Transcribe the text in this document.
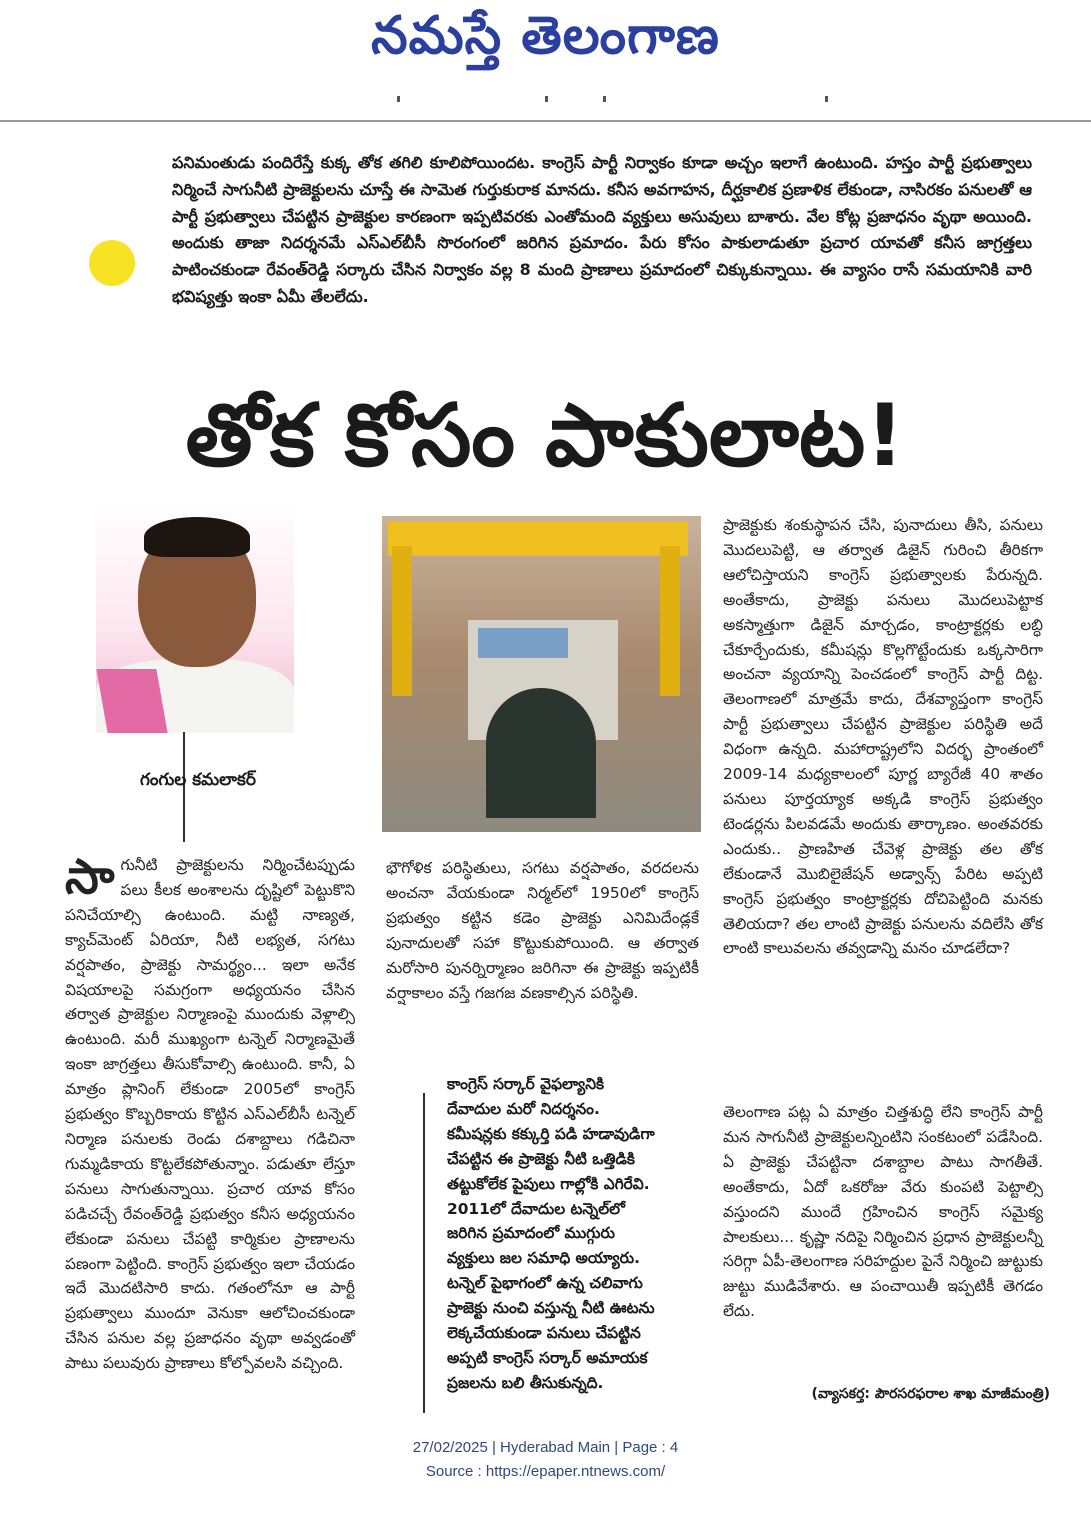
నమస్తే తెలంగాణ
పనిమంతుడు పందిరేస్తే కుక్క తోక తగిలి కూలిపోయిందట. కాంగ్రెస్ పార్టీ నిర్వాకం కూడా అచ్చం ఇలాగే ఉంటుంది. హస్తం పార్టీ ప్రభుత్వాలు నిర్మించే సాగునీటి ప్రాజెక్టులను చూస్తే ఈ సామెత గుర్తుకురాక మానదు. కనీస అవగాహన, దీర్ఘకాలిక ప్రణాళిక లేకుండా, నాసిరకం పనులతో ఆ పార్టీ ప్రభుత్వాలు చేపట్టిన ప్రాజెక్టుల కారణంగా ఇప్పటివరకు ఎంతోమంది వ్యక్తులు అసువులు బాశారు. వేల కోట్ల ప్రజాధనం వృథా అయింది. అందుకు తాజా నిదర్శనమే ఎస్ఎల్‌బీసీ సొరంగంలో జరిగిన ప్రమాదం. పేరు కోసం పాకులాడుతూ ప్రచార యావతో కనీస జాగ్రత్తలు పాటించకుండా రేవంత్‌రెడ్డి సర్కారు చేసిన నిర్వాకం వల్ల 8 మంది ప్రాణాలు ప్రమాదంలో చిక్కుకున్నాయి. ఈ వ్యాసం రాసే సమయానికి వారి భవిష్యత్తు ఇంకా ఏమీ తేలలేదు.
తోక కోసం పాకులాట!
గంగుల కమలాకర్
సా గునీటి ప్రాజెక్టులను నిర్మించేటప్పుడు పలు కీలక అంశాలను దృష్టిలో పెట్టుకొని పనిచేయాల్సి ఉంటుంది. మట్టి నాణ్యత, క్యాచ్‌మెంట్ ఏరియా, నీటి లభ్యత, సగటు వర్షపాతం, ప్రాజెక్టు సామర్థ్యం... ఇలా అనేక విషయాలపై సమగ్రంగా అధ్యయనం చేసిన తర్వాత ప్రాజెక్టుల నిర్మాణంపై ముందుకు వెళ్లాల్సి ఉంటుంది. మరీ ముఖ్యంగా టన్నెల్ నిర్మాణమైతే ఇంకా జాగ్రత్తలు తీసుకోవాల్సి ఉంటుంది. కానీ, ఏ మాత్రం ప్లానింగ్ లేకుండా 2005లో కాంగ్రెస్ ప్రభుత్వం కొబ్బరికాయ కొట్టిన ఎస్ఎల్‌బీసీ టన్నెల్ నిర్మాణ పనులకు రెండు దశాబ్దాలు గడిచినా గుమ్మడికాయ కొట్టలేకపోతున్నాం. పడుతూ లేస్తూ పనులు సాగుతున్నాయి. ప్రచార యావ కోసం పడిచచ్చే రేవంత్‌రెడ్డి ప్రభుత్వం కనీస అధ్యయనం లేకుండా పనులు చేపట్టి కార్మికుల ప్రాణాలను పణంగా పెట్టింది. కాంగ్రెస్ ప్రభుత్వం ఇలా చేయడం ఇదే మొదటిసారి కాదు. గతంలోనూ ఆ పార్టీ ప్రభుత్వాలు ముందూ వెనుకా ఆలోచించకుండా చేసిన పనుల వల్ల ప్రజాధనం వృథా అవ్వడంతో పాటు పలువురు ప్రాణాలు కోల్పోవలసి వచ్చింది.
భౌగోళిక పరిస్థితులు, సగటు వర్షపాతం, వరదలను అంచనా వేయకుండా నిర్మల్‌లో 1950లో కాంగ్రెస్ ప్రభుత్వం కట్టిన కడెం ప్రాజెక్టు ఎనిమిదేండ్లకే పునాదులతో సహా కొట్టుకుపోయింది. ఆ తర్వాత మరోసారి పునర్నిర్మాణం జరిగినా ఈ ప్రాజెక్టు ఇప్పటికీ వర్షాకాలం వస్తే గజగజ వణకాల్సిన పరిస్థితి.
కాంగ్రెస్ సర్కార్ వైఫల్యానికి దేవాదుల మరో నిదర్శనం. కమీషన్లకు కక్కుర్తి పడి హడావుడిగా చేపట్టిన ఈ ప్రాజెక్టు నీటి ఒత్తిడికి తట్టుకోలేక పైపులు గాల్లోకి ఎగిరేవి. 2011లో దేవాదుల టన్నెల్‌లో జరిగిన ప్రమాదంలో ముగ్గురు వ్యక్తులు జల సమాధి అయ్యారు. టన్నెల్ పైభాగంలో ఉన్న చలివాగు ప్రాజెక్టు నుంచి వస్తున్న నీటి ఊటను లెక్కచేయకుండా పనులు చేపట్టిన అప్పటి కాంగ్రెస్ సర్కార్ అమాయక ప్రజలను బలి తీసుకున్నది.
ప్రాజెక్టుకు శంకుస్థాపన చేసి, పునాదులు తీసి, పనులు మొదలుపెట్టి, ఆ తర్వాత డిజైన్ గురించి తీరికగా ఆలోచిస్తాయని కాంగ్రెస్ ప్రభుత్వాలకు పేరున్నది. అంతేకాదు, ప్రాజెక్టు పనులు మొదలుపెట్టాక అకస్మాత్తుగా డిజైన్ మార్చడం, కాంట్రాక్టర్లకు లబ్ధి చేకూర్చేందుకు, కమీషన్లు కొల్లగొట్టేందుకు ఒక్కసారిగా అంచనా వ్యయాన్ని పెంచడంలో కాంగ్రెస్ పార్టీ దిట్ట. తెలంగాణలో మాత్రమే కాదు, దేశవ్యాప్తంగా కాంగ్రెస్ పార్టీ ప్రభుత్వాలు చేపట్టిన ప్రాజెక్టుల పరిస్థితి అదే విధంగా ఉన్నది. మహారాష్ట్రలోని విదర్భ ప్రాంతంలో 2009-14 మధ్యకాలంలో పూర్ణ బ్యారేజీ 40 శాతం పనులు పూర్తయ్యాక అక్కడి కాంగ్రెస్ ప్రభుత్వం టెండర్లను పిలవడమే అందుకు తార్కాణం. అంతవరకు ఎందుకు.. ప్రాణహిత చేవెళ్ల ప్రాజెక్టు తల తోక లేకుండానే మొబిలైజేషన్ అడ్వాన్స్ పేరిట అప్పటి కాంగ్రెస్ ప్రభుత్వం కాంట్రాక్టర్లకు దోచిపెట్టింది మనకు తెలియదా? తల లాంటి ప్రాజెక్టు పనులను వదిలేసి తోక లాంటి కాలువలను తవ్వడాన్ని మనం చూడలేదా?
తెలంగాణ పట్ల ఏ మాత్రం చిత్తశుద్ధి లేని కాంగ్రెస్ పార్టీ మన సాగునీటి ప్రాజెక్టులన్నింటిని సంకటంలో పడేసింది. ఏ ప్రాజెక్టు చేపట్టినా దశాబ్దాల పాటు సాగతీతే. అంతేకాదు, ఏదో ఒకరోజు వేరు కుంపటి పెట్టాల్సి వస్తుందని ముందే గ్రహించిన కాంగ్రెస్ సమైక్య పాలకులు... కృష్ణా నదిపై నిర్మించిన ప్రధాన ప్రాజెక్టులన్నీ సరిగ్గా ఏపీ-తెలంగాణ సరిహద్దుల పైనే నిర్మించి జుట్టుకు జుట్టు ముడివేశారు. ఆ పంచాయితీ ఇప్పటికీ తెగడం లేదు.
(వ్యాసకర్త: పౌరసరఫరాల శాఖ మాజీమంత్రి)
27/02/2025 | Hyderabad Main | Page : 4
Source : https://epaper.ntnews.com/
